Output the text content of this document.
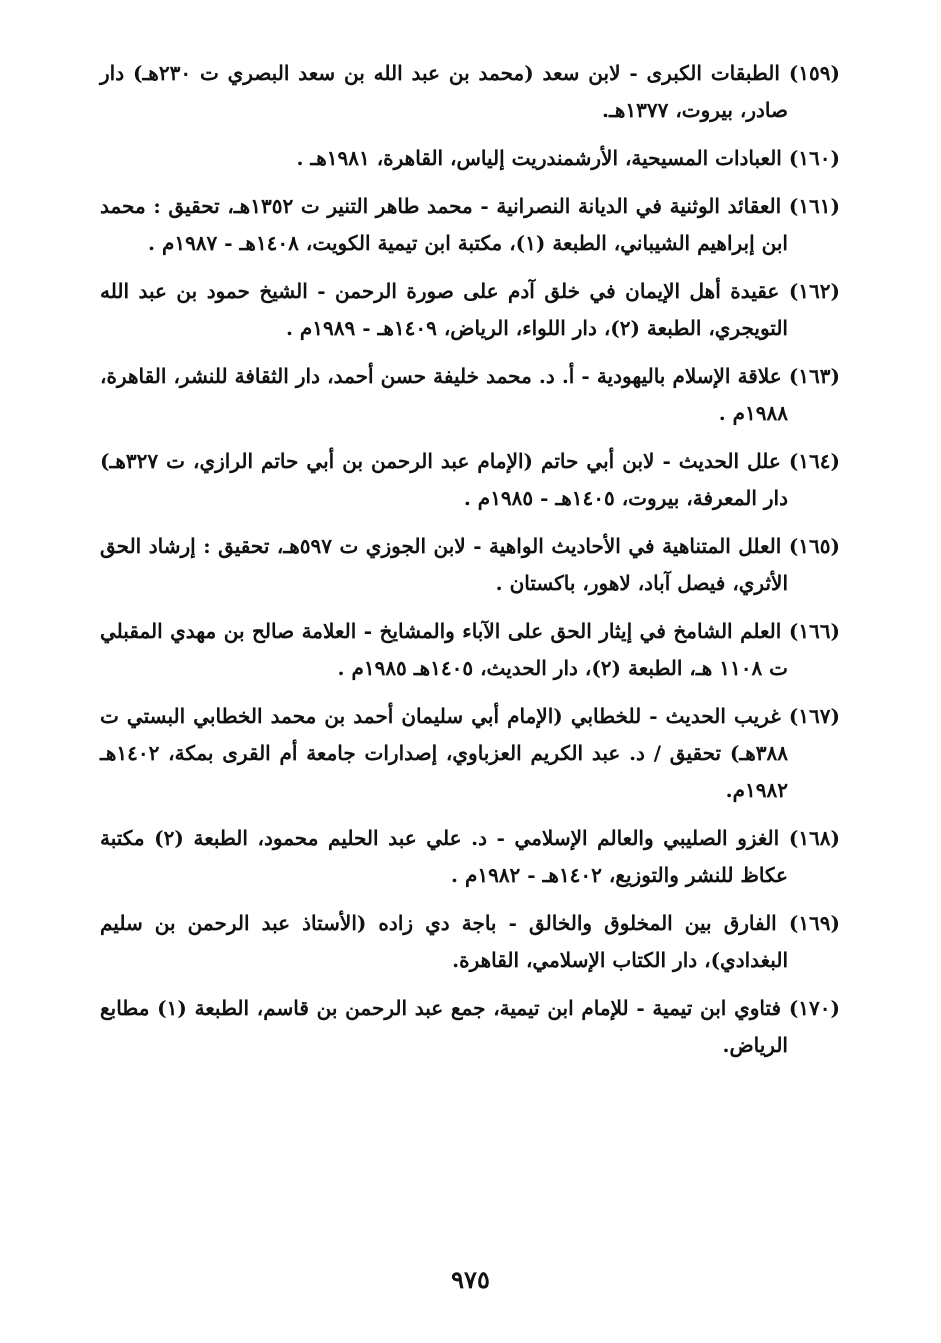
(١٥٩) الطبقات الكبرى - لابن سعد (محمد بن عبد الله بن سعد البصري ت ٢٣٠هـ) دار صادر، بيروت، ١٣٧٧هـ.
(١٦٠) العبادات المسيحية، الأرشمندريت إلياس، القاهرة، ١٩٨١هـ .
(١٦١) العقائد الوثنية في الديانة النصرانية - محمد طاهر التنير ت ١٣٥٢هـ، تحقيق : محمد ابن إبراهيم الشيباني، الطبعة (١)، مكتبة ابن تيمية الكويت، ١٤٠٨هـ - ١٩٨٧م .
(١٦٢) عقيدة أهل الإيمان في خلق آدم على صورة الرحمن - الشيخ حمود بن عبد الله التويجري، الطبعة (٢)، دار اللواء، الرياض، ١٤٠٩هـ - ١٩٨٩م .
(١٦٣) علاقة الإسلام باليهودية - أ. د. محمد خليفة حسن أحمد، دار الثقافة للنشر، القاهرة، ١٩٨٨م .
(١٦٤) علل الحديث - لابن أبي حاتم (الإمام عبد الرحمن بن أبي حاتم الرازي، ت ٣٢٧هـ) دار المعرفة، بيروت، ١٤٠٥هـ - ١٩٨٥م .
(١٦٥) العلل المتناهية في الأحاديث الواهية - لابن الجوزي ت ٥٩٧هـ، تحقيق : إرشاد الحق الأثري، فيصل آباد، لاهور، باكستان .
(١٦٦) العلم الشامخ في إيثار الحق على الآباء والمشايخ - العلامة صالح بن مهدي المقبلي ت ١١٠٨ هـ، الطبعة (٢)، دار الحديث، ١٤٠٥هـ ١٩٨٥م .
(١٦٧) غريب الحديث - للخطابي (الإمام أبي سليمان أحمد بن محمد الخطابي البستي ت ٣٨٨هـ) تحقيق / د. عبد الكريم العزباوي، إصدارات جامعة أم القرى بمكة، ١٤٠٢هـ ١٩٨٢م.
(١٦٨) الغزو الصليبي والعالم الإسلامي - د. علي عبد الحليم محمود، الطبعة (٢) مكتبة عكاظ للنشر والتوزيع، ١٤٠٢هـ - ١٩٨٢م .
(١٦٩) الفارق بين المخلوق والخالق - باجة دي زاده (الأستاذ عبد الرحمن بن سليم البغدادي)، دار الكتاب الإسلامي، القاهرة.
(١٧٠) فتاوي ابن تيمية - للإمام ابن تيمية، جمع عبد الرحمن بن قاسم، الطبعة (١) مطابع الرياض.
٩٧٥
